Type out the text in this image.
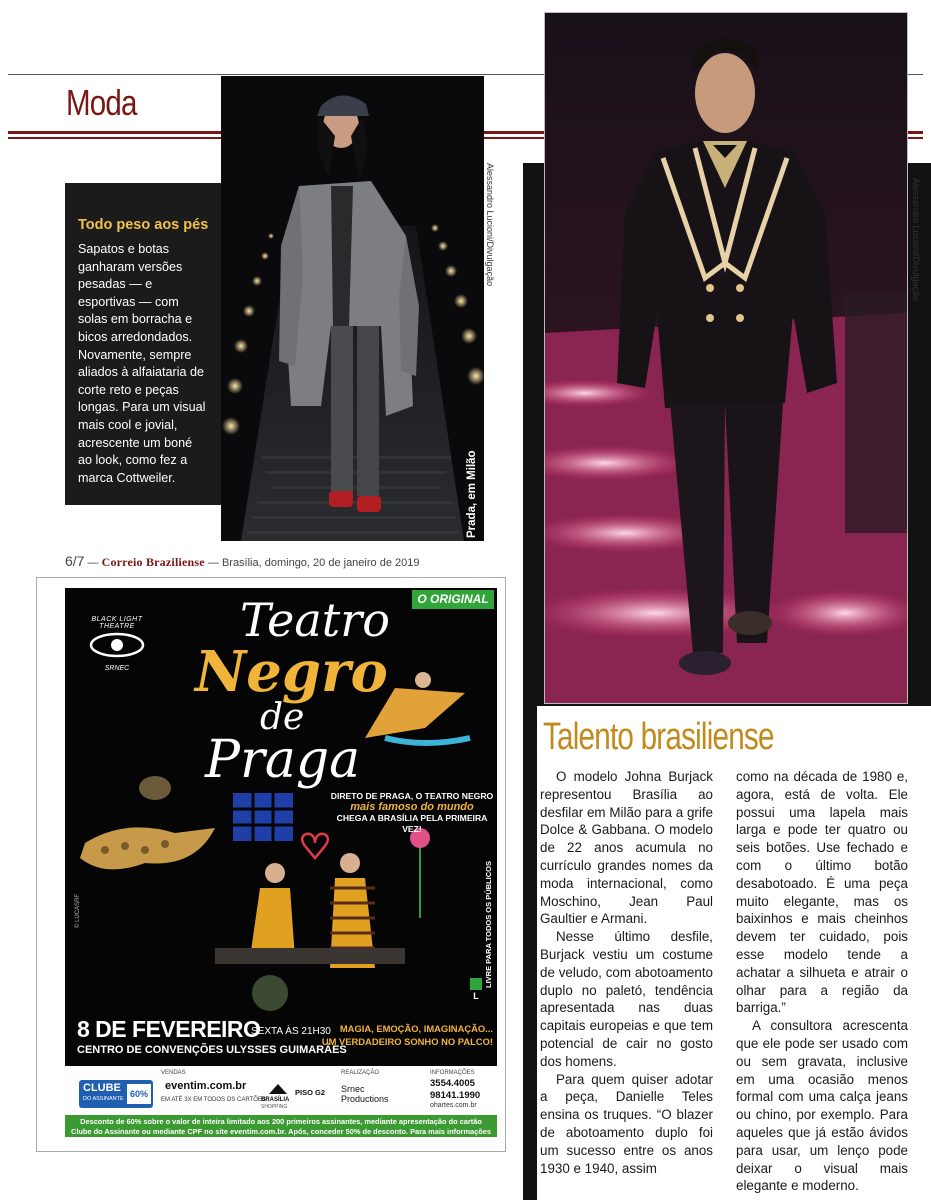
Moda
Alessandro Lucioni/Divulgação
Prada, em Milão
Alessandro Lucioni/Divulgação
Todo peso aos pés

Sapatos e botas ganharam versões pesadas — e esportivas — com solas em borracha e bicos arredondados. Novamente, sempre aliados à alfaiataria de corte reto e peças longas. Para um visual mais cool e jovial, acrescente um boné ao look, como fez a marca Cottweiler.

6/7 — Correio Braziliense — Brasília, domingo, 20 de janeiro de 2019
Talento brasiliense

O modelo Johna Burjack representou Brasília ao desfilar em Milão para a grife Dolce & Gabbana. O modelo de 22 anos acumula no currículo grandes nomes da moda internacional, como Moschino, Jean Paul Gaultier e Armani.

Nesse último desfile, Burjack vestiu um costume de veludo, com abotoamento duplo no paletó, tendência apresentada nas duas capitais europeias e que tem potencial de cair no gosto dos homens.

Para quem quiser adotar a peça, Danielle Teles ensina os truques. “O blazer de abotoamento duplo foi um sucesso entre os anos 1930 e 1940, assim

como na década de 1980 e, agora, está de volta. Ele possui uma lapela mais larga e pode ter quatro ou seis botões. Use fechado e com o último botão desabotoado. É uma peça muito elegante, mas os baixinhos e mais cheinhos devem ter cuidado, pois esse modelo tende a achatar a silhueta e atrair o olhar para a região da barriga.”

A consultora acrescenta que ele pode ser usado com ou sem gravata, inclusive em uma ocasião menos formal com uma calça jeans ou chino, por exemplo. Para aqueles que já estão ávidos para usar, um lenço pode deixar o visual mais elegante e moderno.

O ORIGINAL
BLACK LIGHT THEATRE
SRNEC
Teatro
Negro
de
Praga
DIRETO DE PRAGA, O TEATRO NEGRO
mais famoso do mundo
CHEGA A BRASÍLIA PELA PRIMEIRA VEZ!
LIVRE PARA TODOS OS PÚBLICOS
L
© LUCASRF
8 DE FEVEREIRO
SEXTA ÀS 21H30
CENTRO DE CONVENÇÕES ULYSSES GUIMARÃES
MAGIA, EMOÇÃO, IMAGINAÇÃO...
UM VERDADEIRO SONHO NO PALCO!
CLUBE
DO ASSINANTE 60%
VENDAS
eventim.com.br
EM ATÉ 3X EM TODOS OS CARTÕES
BRASÍLIA
SHOPPING
PISO G2
REALIZAÇÃO
Srnec Productions
INFORMAÇÕES
3554.4005
98141.1990
ohartes.com.br
Desconto de 60% sobre o valor de inteira limitado aos 200 primeiros assinantes, mediante apresentação do cartão Clube do Assinante ou mediante CPF no site eventim.com.br. Após, conceder 50% de desconto. Para mais informações acesse: correiobraziliense.com.br/clubedoassinante.
